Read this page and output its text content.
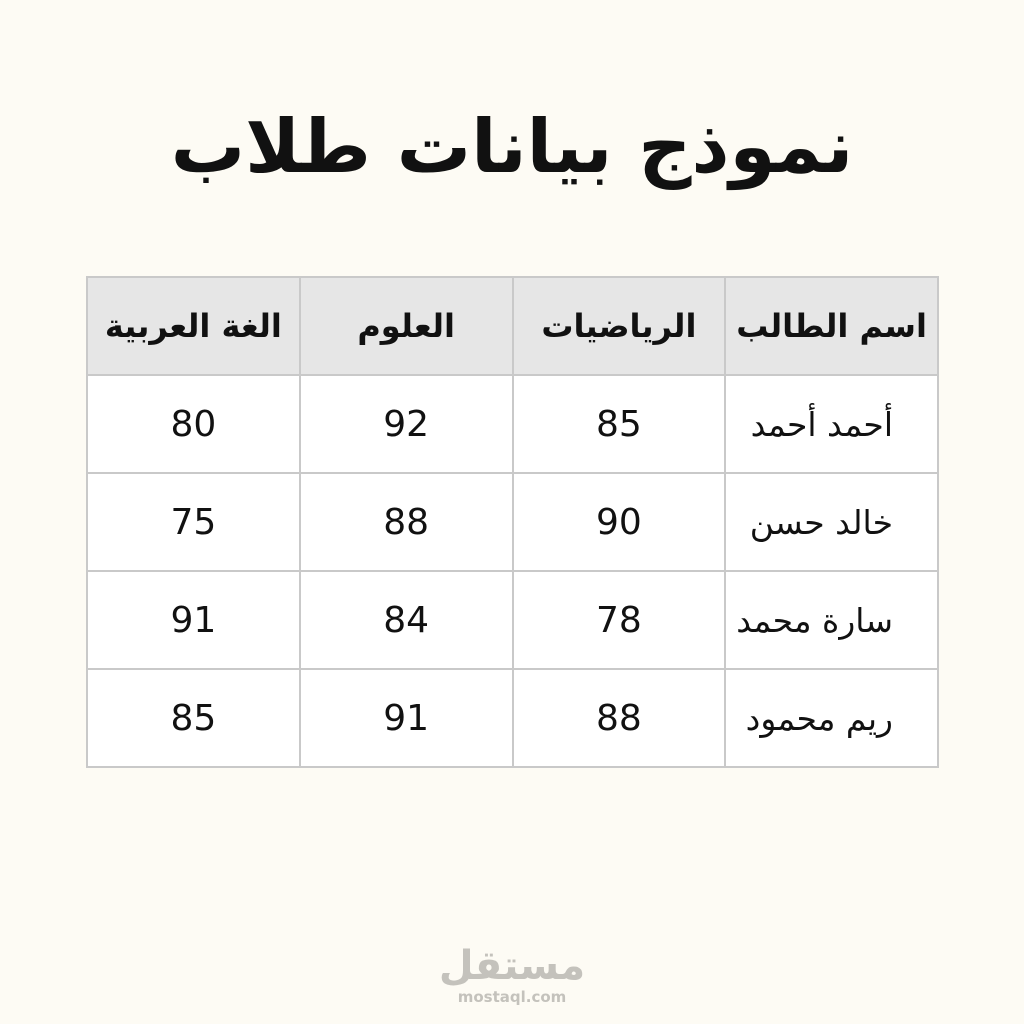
نموذج بيانات طلاب
اسم الطالب	الرياضيات	العلوم	الغة العربية
أحمد أحمد	85	92	80
خالد حسن	90	88	75
سارة محمد	78	84	91
ريم محمود	88	91	85
مستقل
mostaql.com
